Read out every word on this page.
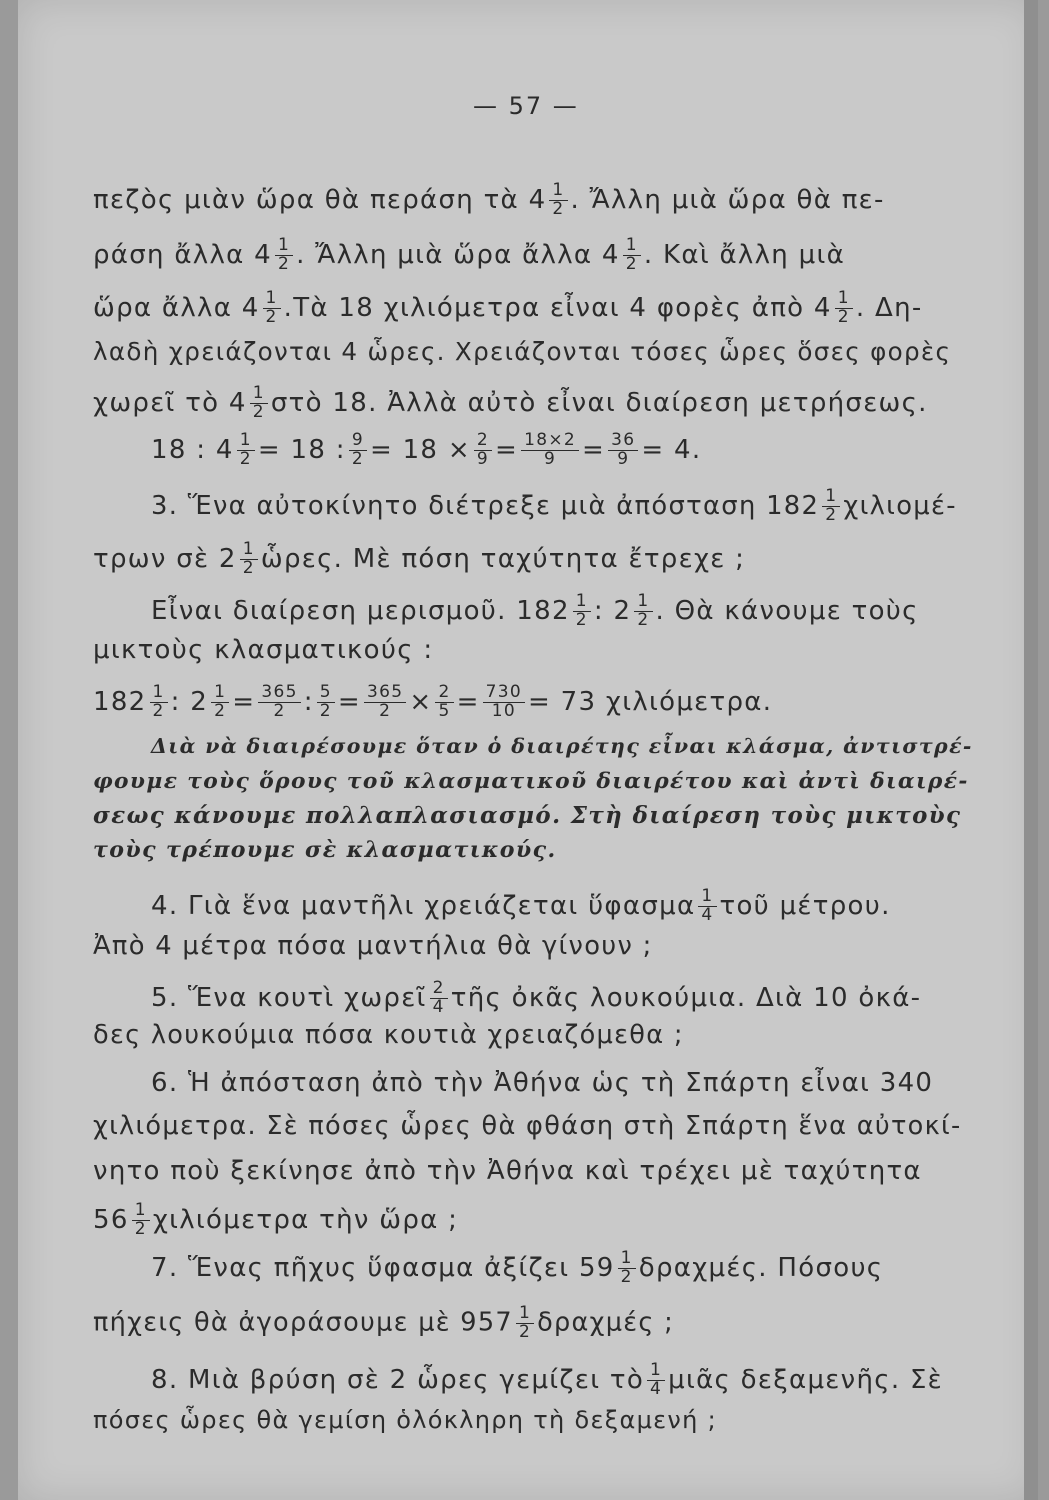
— 57 —
πεζὸς μιὰν ὥρα θὰ περάση τὰ $4 \frac{1}{2}$ . Ἄλλη μιὰ ὥρα θὰ πε-
ράση ἄλλα $4 \frac{1}{2}$ . Ἄλλη μιὰ ὥρα ἄλλα $4 \frac{1}{2}$ . Καὶ ἄλλη μιὰ
ὥρα ἄλλα $4 \frac{1}{2}$ .Τὰ 18 χιλιόμετρα εἶναι 4 φορὲς ἀπὸ $4 \frac{1}{2}$ . Δη-
λαδὴ χρειάζονται 4 ὧρες. Χρειάζονται τόσες ὧρες ὅσες φορὲς
χωρεῖ τὸ $4 \frac{1}{2}$ στὸ 18. Ἀλλὰ αὐτὸ εἶναι διαίρεση μετρήσεως.
18 : $4 \frac{1}{2} = 18$ : $\frac{9}{2} = 18 \times \frac{2}{9} = \frac{18\times 2}{9} = \frac{36}{9} = 4$.
3. Ἕνα αὐτοκίνητο διέτρεξε μιὰ ἀπόσταση $182 \frac{1}{2} \chi\iota\lambda\iota o\mu έ-$
τρων σὲ $2 \frac{1}{2}$ ὧρες. Μὲ πόση ταχύτητα ἔτρεχε ;
Εἶναι διαίρεση μερισμοῦ. $182 \frac{1}{2}$ : $2 \frac{1}{2}$ . Θὰ κάνουμε τοὺς
μικτοὺς κλασματικούς :
$182 \frac{1}{2}$ : $2 \frac{1}{2} = \frac{365}{2}$ : $\frac{5}{2} = \frac{365}{2} \times \frac{2}{5} = \frac{730}{10} = 73$ χιλιόμετρα.
Διὰ νὰ διαιρέσουμε ὅταν ὁ διαιρέτης εἶναι κλάσμα, ἀντιστρέ-
φουμε τοὺς ὅρους τοῦ κλασματικοῦ διαιρέτου καὶ ἀντὶ διαιρέ-
σεως κάνουμε πολλαπλασιασμό. Στὴ διαίρεση τοὺς μικτοὺς
τοὺς τρέπουμε σὲ κλασματικούς.
4. Γιὰ ἕνα μαντῆλι χρειάζεται ὕφασμα $\frac{1}{4}$ τοῦ μέτρου.
Ἀπὸ 4 μέτρα πόσα μαντήλια θὰ γίνουν ;
5. Ἕνα κουτὶ χωρεῖ $\frac{2}{4}$ τῆς ὀκᾶς λουκούμια. Διὰ 10 ὀκά-
δες λουκούμια πόσα κουτιὰ χρειαζόμεθα ;
6. Ἡ ἀπόσταση ἀπὸ τὴν Ἀθήνα ὡς τὴ Σπάρτη εἶναι 340
χιλιόμετρα. Σὲ πόσες ὧρες θὰ φθάση στὴ Σπάρτη ἕνα αὐτοκί-
νητο ποὺ ξεκίνησε ἀπὸ τὴν Ἀθήνα καὶ τρέχει μὲ ταχύτητα
$56 \frac{1}{2}$ χιλιόμετρα τὴν ὥρα ;
7. Ἕνας πῆχυς ὕφασμα ἀξίζει $59 \frac{1}{2} \delta\rho\alpha\chi\mu έ\varsigma$. Πόσους
πήχεις θὰ ἀγοράσουμε μὲ $957 \frac{1}{2}$ δραχμές ;
8. Μιὰ βρύση σὲ 2 ὧρες γεμίζει τὸ $\frac{1}{4}$ μιᾶς δεξαμενῆς. Σὲ
πόσες ὧρες θὰ γεμίση ὁλόκληρη τὴ δεξαμενή ;
